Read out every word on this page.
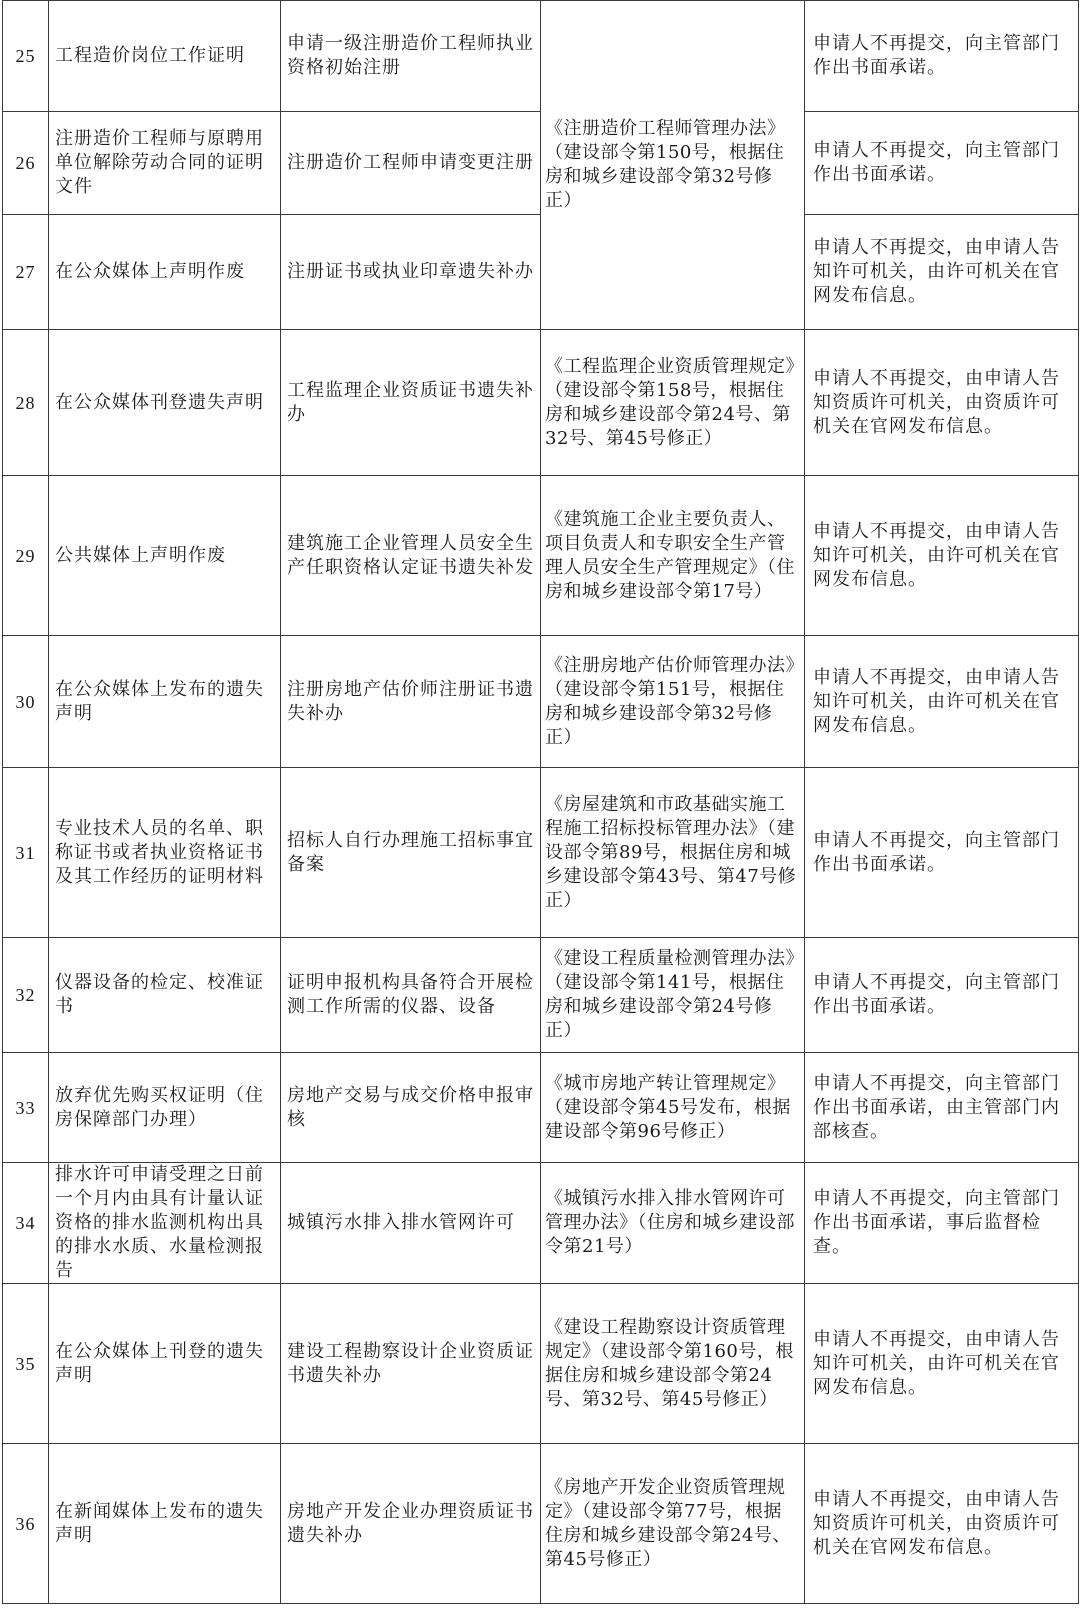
25	工程造价岗位工作证明	申请一级注册造价工程师执业资格初始注册	《注册造价工程师管理办法》（建设部令第150号，根据住房和城乡建设部令第32号修正）	申请人不再提交，向主管部门作出书面承诺。
26	注册造价工程师与原聘用单位解除劳动合同的证明文件	注册造价工程师申请变更注册		申请人不再提交，向主管部门作出书面承诺。
27	在公众媒体上声明作废	注册证书或执业印章遗失补办		申请人不再提交，由申请人告知许可机关，由许可机关在官网发布信息。
28	在公众媒体刊登遗失声明	工程监理企业资质证书遗失补办	《工程监理企业资质管理规定》（建设部令第158号，根据住房和城乡建设部令第24号、第32号、第45号修正）	申请人不再提交，由申请人告知资质许可机关，由资质许可机关在官网发布信息。
29	公共媒体上声明作废	建筑施工企业管理人员安全生产任职资格认定证书遗失补发	《建筑施工企业主要负责人、项目负责人和专职安全生产管理人员安全生产管理规定》（住房和城乡建设部令第17号）	申请人不再提交，由申请人告知许可机关，由许可机关在官网发布信息。
30	在公众媒体上发布的遗失声明	注册房地产估价师注册证书遗失补办	《注册房地产估价师管理办法》（建设部令第151号，根据住房和城乡建设部令第32号修正）	申请人不再提交，由申请人告知许可机关，由许可机关在官网发布信息。
31	专业技术人员的名单、职称证书或者执业资格证书及其工作经历的证明材料	招标人自行办理施工招标事宜备案	《房屋建筑和市政基础实施工程施工招标投标管理办法》（建设部令第89号，根据住房和城乡建设部令第43号、第47号修正）	申请人不再提交，向主管部门作出书面承诺。
32	仪器设备的检定、校准证书	证明申报机构具备符合开展检测工作所需的仪器、设备	《建设工程质量检测管理办法》（建设部令第141号，根据住房和城乡建设部令第24号修正）	申请人不再提交，向主管部门作出书面承诺。
33	放弃优先购买权证明（住房保障部门办理）	房地产交易与成交价格申报审核	《城市房地产转让管理规定》（建设部令第45号发布，根据建设部令第96号修正）	申请人不再提交，向主管部门作出书面承诺，由主管部门内部核查。
34	排水许可申请受理之日前一个月内由具有计量认证资格的排水监测机构出具的排水水质、水量检测报告	城镇污水排入排水管网许可	《城镇污水排入排水管网许可管理办法》（住房和城乡建设部令第21号）	申请人不再提交，向主管部门作出书面承诺，事后监督检查。
35	在公众媒体上刊登的遗失声明	建设工程勘察设计企业资质证书遗失补办	《建设工程勘察设计资质管理规定》（建设部令第160号，根据住房和城乡建设部令第24号、第32号、第45号修正）	申请人不再提交，由申请人告知许可机关，由许可机关在官网发布信息。
36	在新闻媒体上发布的遗失声明	房地产开发企业办理资质证书遗失补办	《房地产开发企业资质管理规定》（建设部令第77号，根据住房和城乡建设部令第24号、第45号修正）	申请人不再提交，由申请人告知资质许可机关，由资质许可机关在官网发布信息。
